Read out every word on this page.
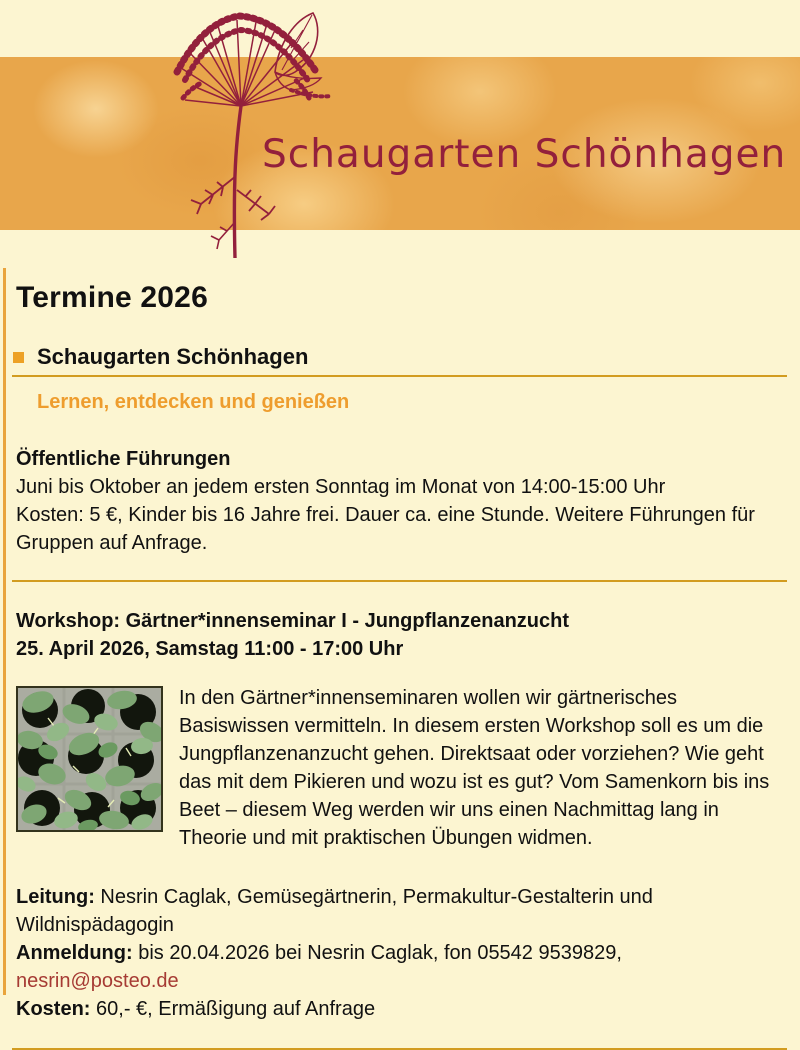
Schaugarten Schönhagen
Termine 2026
Schaugarten Schönhagen
Lernen, entdecken und genießen
Öffentliche Führungen
Juni bis Oktober an jedem ersten Sonntag im Monat von 14:00-15:00 Uhr
Kosten: 5 €, Kinder bis 16 Jahre frei. Dauer ca. eine Stunde. Weitere Führungen für Gruppen auf Anfrage.
Workshop: Gärtner*innenseminar I - Jungpflanzenanzucht
25. April 2026, Samstag 11:00 - 17:00 Uhr

In den Gärtner*innenseminaren wollen wir gärtnerisches Basiswissen vermitteln. In diesem ersten Workshop soll es um die Jungpflanzenanzucht gehen. Direktsaat oder vorziehen? Wie geht das mit dem Pikieren und wozu ist es gut? Vom Samenkorn bis ins Beet – diesem Weg werden wir uns einen Nachmittag lang in Theorie und mit praktischen Übungen widmen.

Leitung: Nesrin Caglak, Gemüsegärtnerin, Permakultur-Gestalterin und Wildnispädagogin
Anmeldung: bis 20.04.2026 bei Nesrin Caglak, fon 05542 9539829,
nesrin@posteo.de
Kosten: 60,- €, Ermäßigung auf Anfrage
